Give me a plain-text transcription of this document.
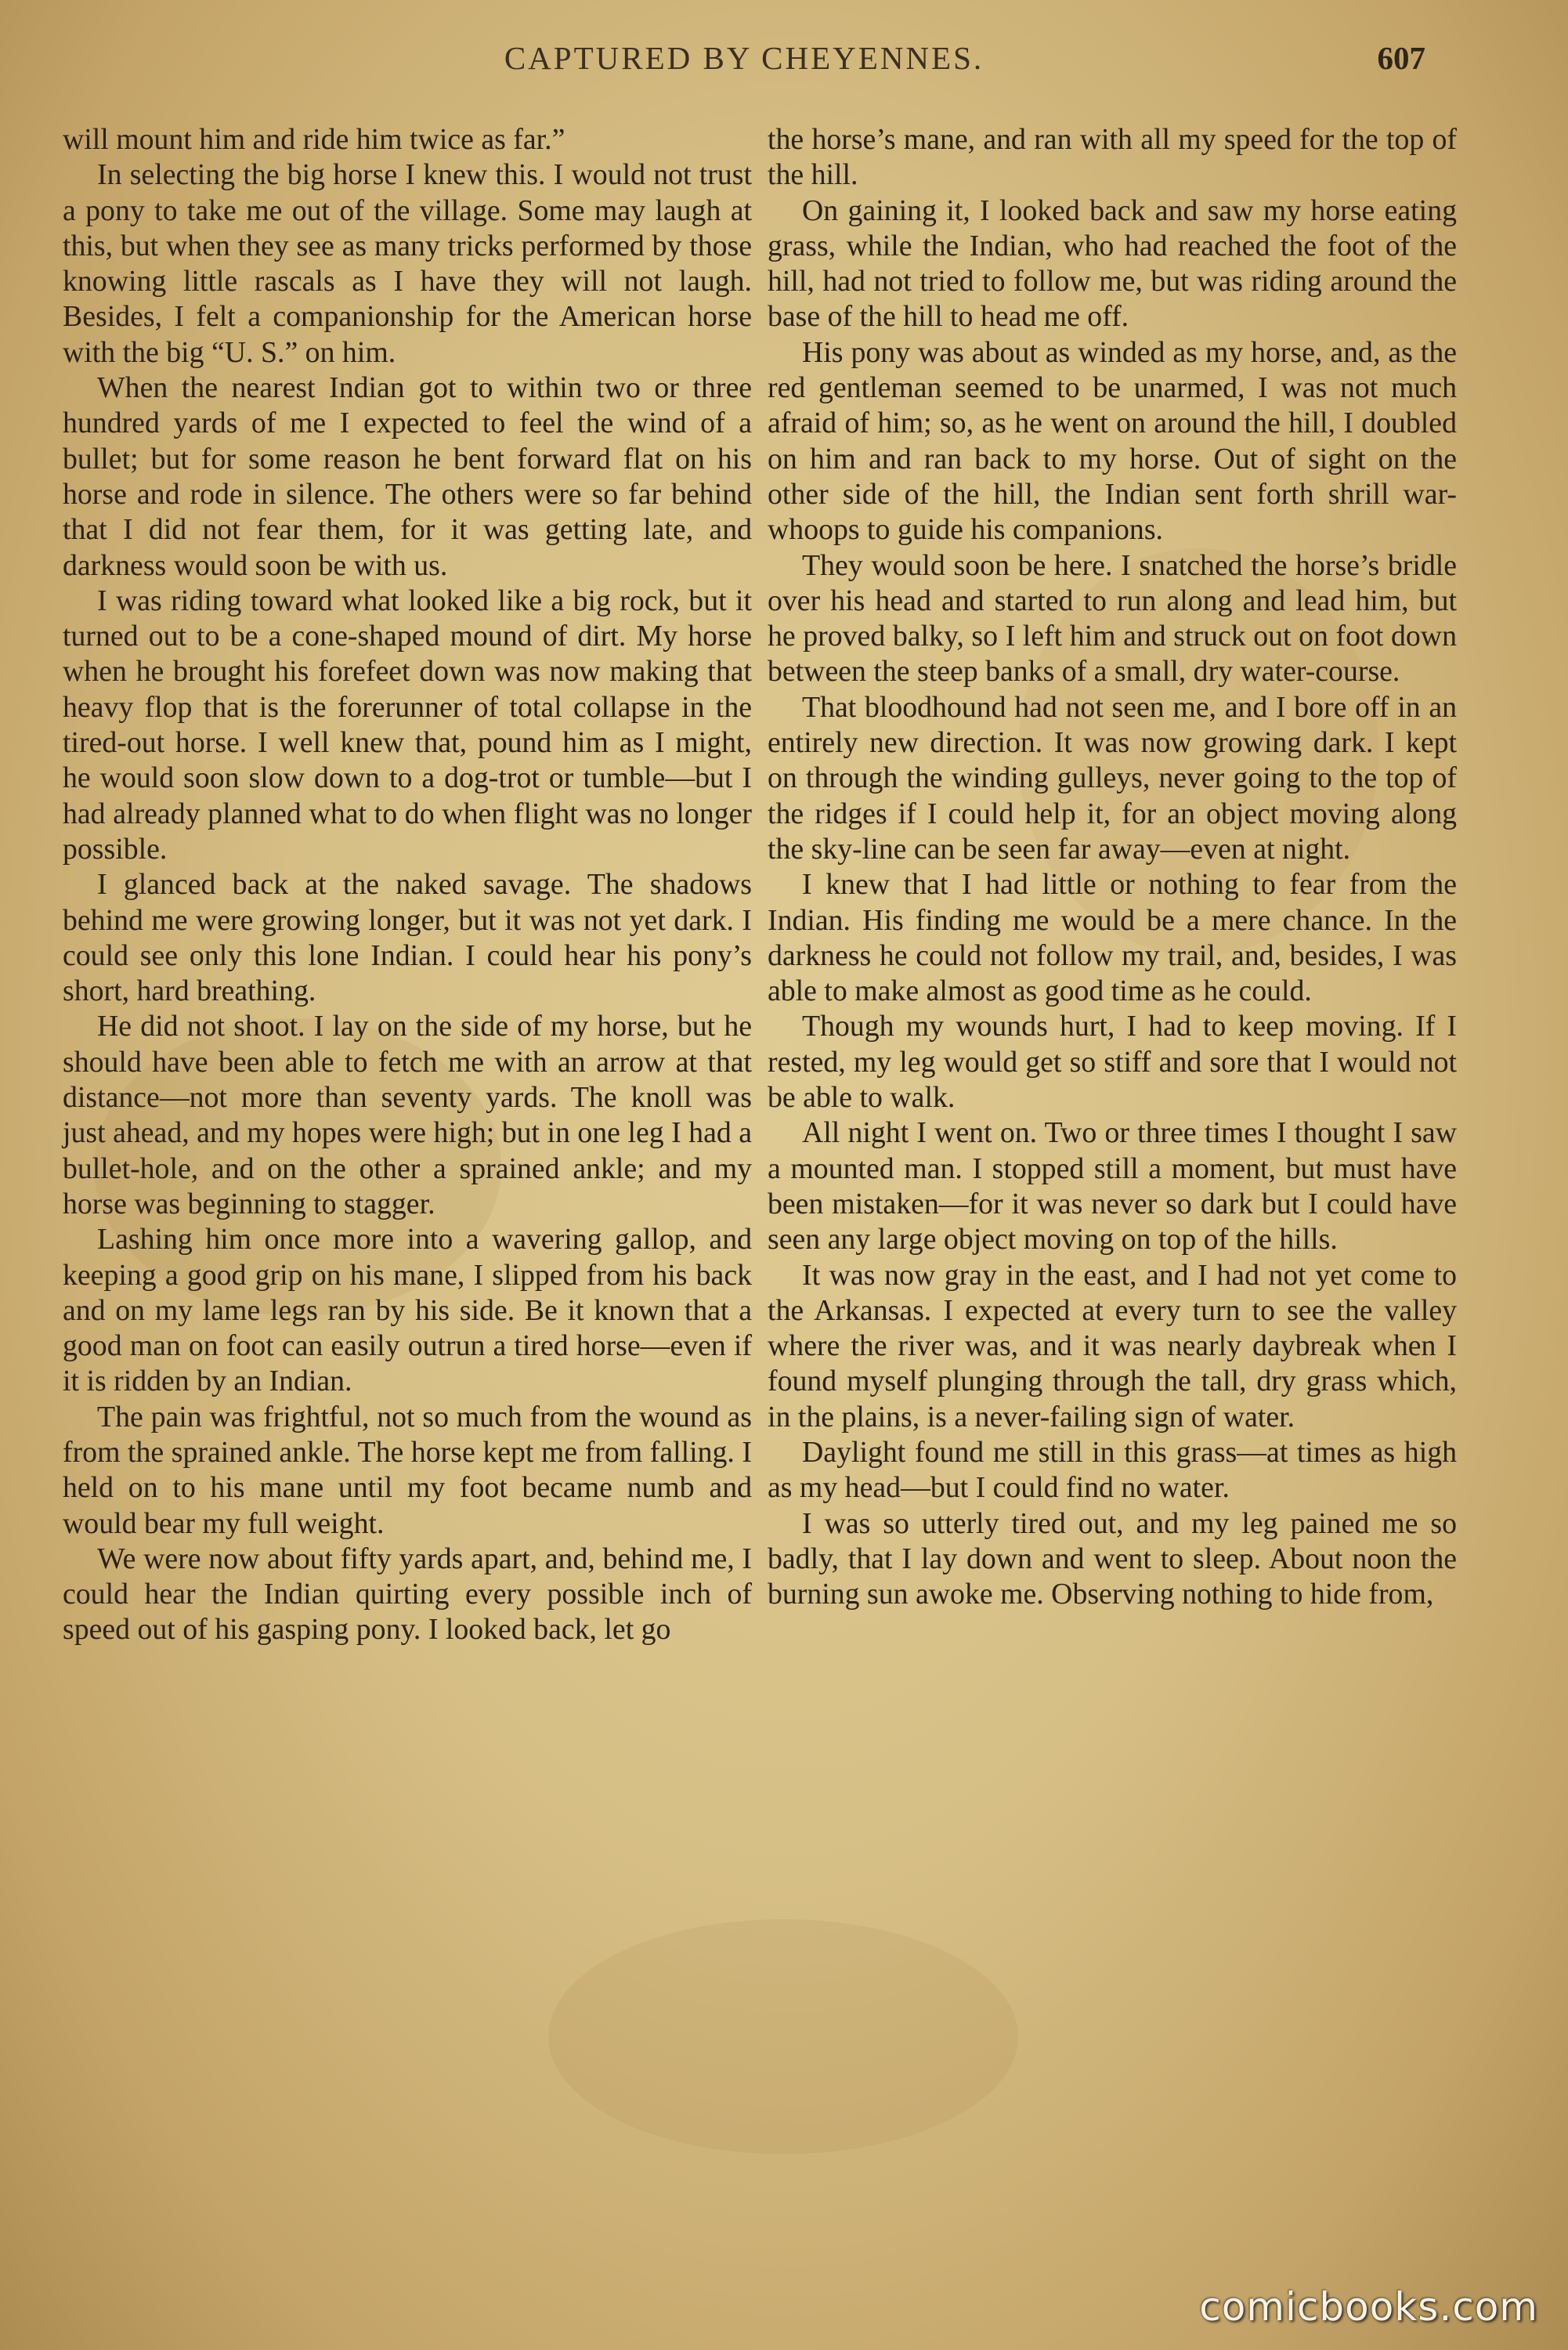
CAPTURED BY CHEYENNES.	607

will mount him and ride him twice as far.”

In selecting the big horse I knew this. I would not trust a pony to take me out of the village. Some may laugh at this, but when they see as many tricks performed by those knowing little rascals as I have they will not laugh. Besides, I felt a companionship for the American horse with the big “U. S.” on him.

When the nearest Indian got to within two or three hundred yards of me I expected to feel the wind of a bullet; but for some reason he bent forward flat on his horse and rode in silence. The others were so far behind that I did not fear them, for it was getting late, and darkness would soon be with us.

I was riding toward what looked like a big rock, but it turned out to be a cone-shaped mound of dirt. My horse when he brought his forefeet down was now making that heavy flop that is the forerunner of total collapse in the tired-out horse. I well knew that, pound him as I might, he would soon slow down to a dog-trot or tumble—but I had already planned what to do when flight was no longer possible.

I glanced back at the naked savage. The shadows behind me were growing longer, but it was not yet dark. I could see only this lone Indian. I could hear his pony’s short, hard breathing.

He did not shoot. I lay on the side of my horse, but he should have been able to fetch me with an arrow at that distance—not more than seventy yards. The knoll was just ahead, and my hopes were high; but in one leg I had a bullet-hole, and on the other a sprained ankle; and my horse was beginning to stagger.

Lashing him once more into a wavering gallop, and keeping a good grip on his mane, I slipped from his back and on my lame legs ran by his side. Be it known that a good man on foot can easily outrun a tired horse—even if it is ridden by an Indian.

The pain was frightful, not so much from the wound as from the sprained ankle. The horse kept me from falling. I held on to his mane until my foot became numb and would bear my full weight.

We were now about fifty yards apart, and, behind me, I could hear the Indian quirting every possible inch of speed out of his gasping pony. I looked back, let go

the horse’s mane, and ran with all my speed for the top of the hill.

On gaining it, I looked back and saw my horse eating grass, while the Indian, who had reached the foot of the hill, had not tried to follow me, but was riding around the base of the hill to head me off.

His pony was about as winded as my horse, and, as the red gentleman seemed to be unarmed, I was not much afraid of him; so, as he went on around the hill, I doubled on him and ran back to my horse. Out of sight on the other side of the hill, the Indian sent forth shrill war-whoops to guide his companions.

They would soon be here. I snatched the horse’s bridle over his head and started to run along and lead him, but he proved balky, so I left him and struck out on foot down between the steep banks of a small, dry water-course.

That bloodhound had not seen me, and I bore off in an entirely new direction. It was now growing dark. I kept on through the winding gulleys, never going to the top of the ridges if I could help it, for an object moving along the sky-line can be seen far away—even at night.

I knew that I had little or nothing to fear from the Indian. His finding me would be a mere chance. In the darkness he could not follow my trail, and, besides, I was able to make almost as good time as he could.

Though my wounds hurt, I had to keep moving. If I rested, my leg would get so stiff and sore that I would not be able to walk.

All night I went on. Two or three times I thought I saw a mounted man. I stopped still a moment, but must have been mistaken—for it was never so dark but I could have seen any large object moving on top of the hills.

It was now gray in the east, and I had not yet come to the Arkansas. I expected at every turn to see the valley where the river was, and it was nearly daybreak when I found myself plunging through the tall, dry grass which, in the plains, is a never-failing sign of water.

Daylight found me still in this grass—at times as high as my head—but I could find no water.

I was so utterly tired out, and my leg pained me so badly, that I lay down and went to sleep. About noon the burning sun awoke me. Observing nothing to hide from,

comicbooks.com
